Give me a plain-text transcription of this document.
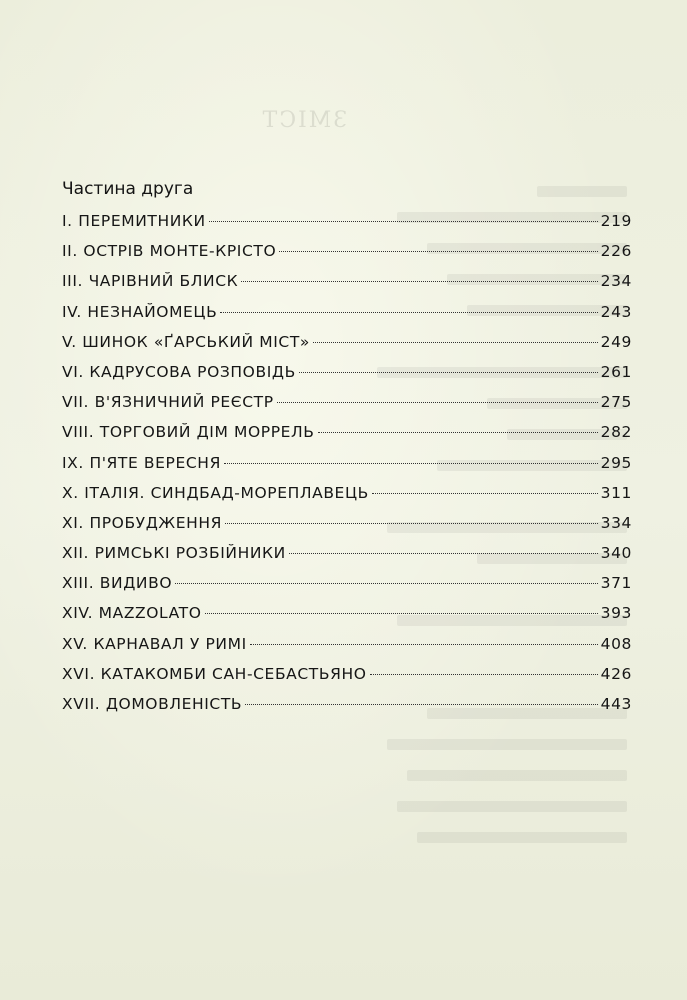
ЗМІСТ
Частина друга
I. ПЕРЕМИТНИКИ	219
II. ОСТРІВ МОНТЕ-КРІСТО	226
III. ЧАРІВНИЙ БЛИСК	234
IV. НЕЗНАЙОМЕЦЬ	243
V. ШИНОК «ҐАРСЬКИЙ МІСТ»	249
VI. КАДРУСОВА РОЗПОВІДЬ	261
VII. В'ЯЗНИЧНИЙ РЕЄСТР	275
VIII. ТОРГОВИЙ ДІМ МОРРЕЛЬ	282
IX. П'ЯТЕ ВЕРЕСНЯ	295
X. ІТАЛІЯ. СИНДБАД-МОРЕПЛАВЕЦЬ	311
XI. ПРОБУДЖЕННЯ	334
XII. РИМСЬКІ РОЗБІЙНИКИ	340
XIII. ВИДИВО	371
XIV. MAZZOLATO	393
XV. КАРНАВАЛ У РИМІ	408
XVI. КАТАКОМБИ САН-СЕБАСТЬЯНО	426
XVII. ДОМОВЛЕНІСТЬ	443
